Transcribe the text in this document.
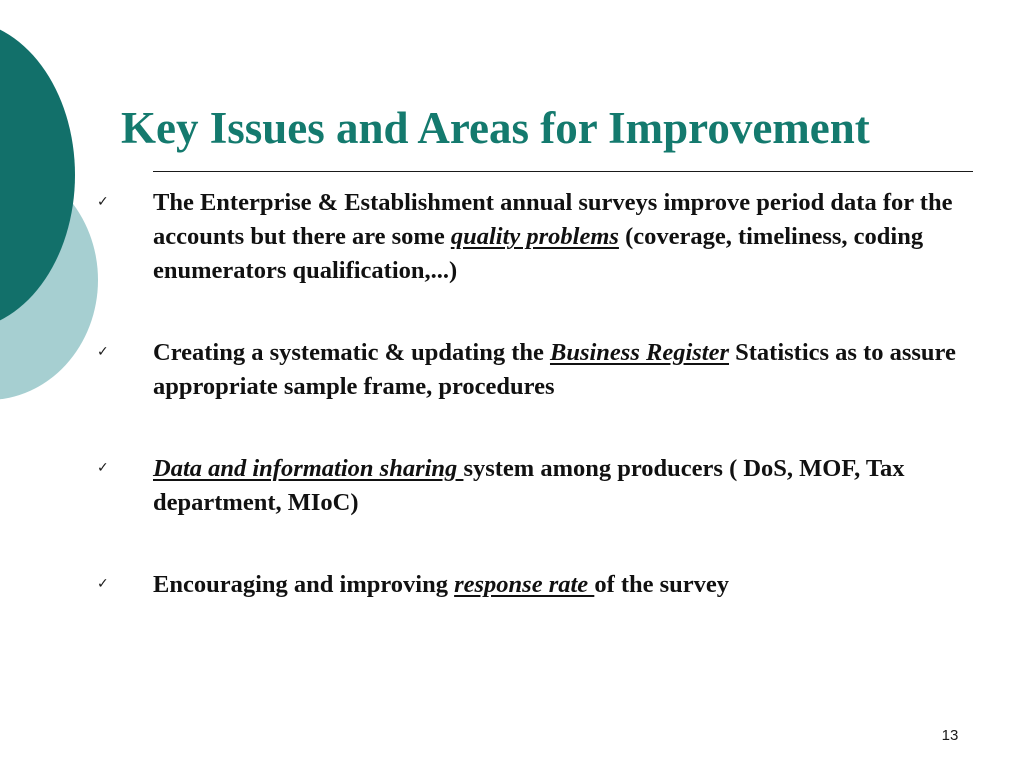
Key Issues and Areas for Improvement
✓ The Enterprise & Establishment annual surveys improve period data for the accounts but there are some quality problems (coverage, timeliness, coding enumerators qualification,...)

✓ Creating a systematic & updating the Business Register Statistics as to assure appropriate sample frame, procedures

✓ Data and information sharing system among producers ( DoS, MOF, Tax department, MIoC)

✓ Encouraging and improving response rate of the survey

13
